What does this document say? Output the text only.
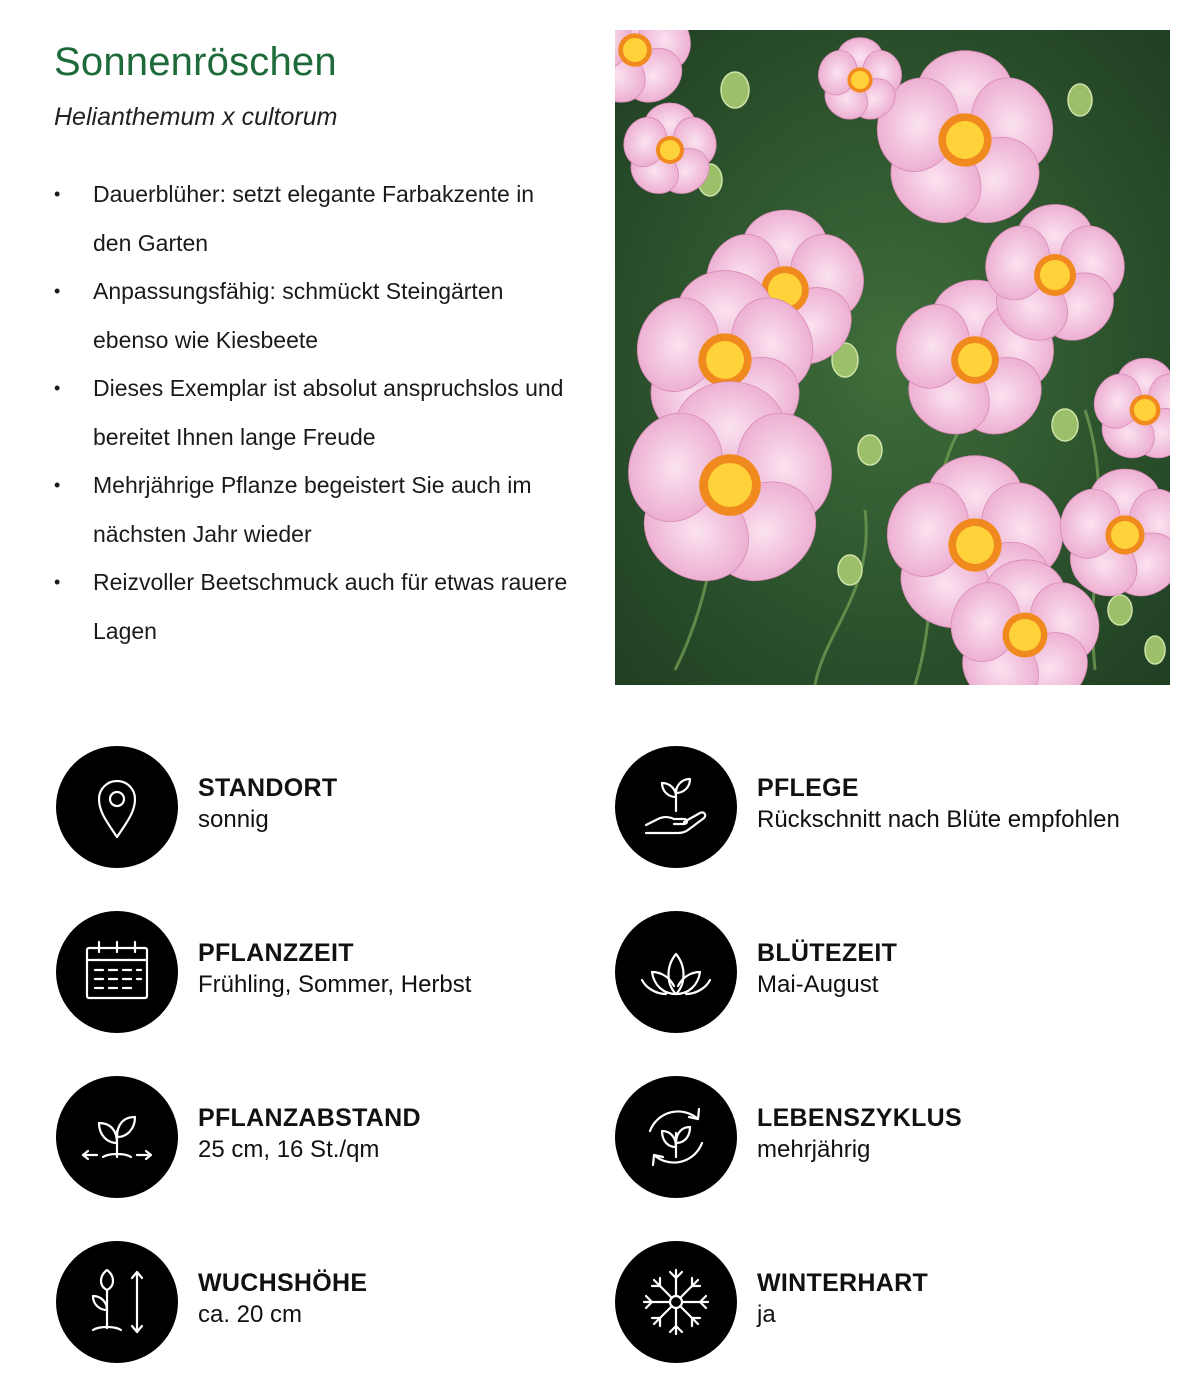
Sonnenröschen
Helianthemum x cultorum
• Dauerblüher: setzt elegante Farbakzente in den Garten
• Anpassungsfähig: schmückt Steingärten ebenso wie Kiesbeete
• Dieses Exemplar ist absolut anspruchslos und bereitet Ihnen lange Freude
• Mehrjährige Pflanze begeistert Sie auch im nächsten Jahr wieder
• Reizvoller Beetschmuck auch für etwas rauere Lagen
STANDORT
sonnig
PFLEGE
Rückschnitt nach Blüte empfohlen
PFLANZZEIT
Frühling, Sommer, Herbst
BLÜTEZEIT
Mai-August
PFLANZABSTAND
25 cm, 16 St./qm
LEBENSZYKLUS
mehrjährig
WUCHSHÖHE
ca. 20 cm
WINTERHART
ja
